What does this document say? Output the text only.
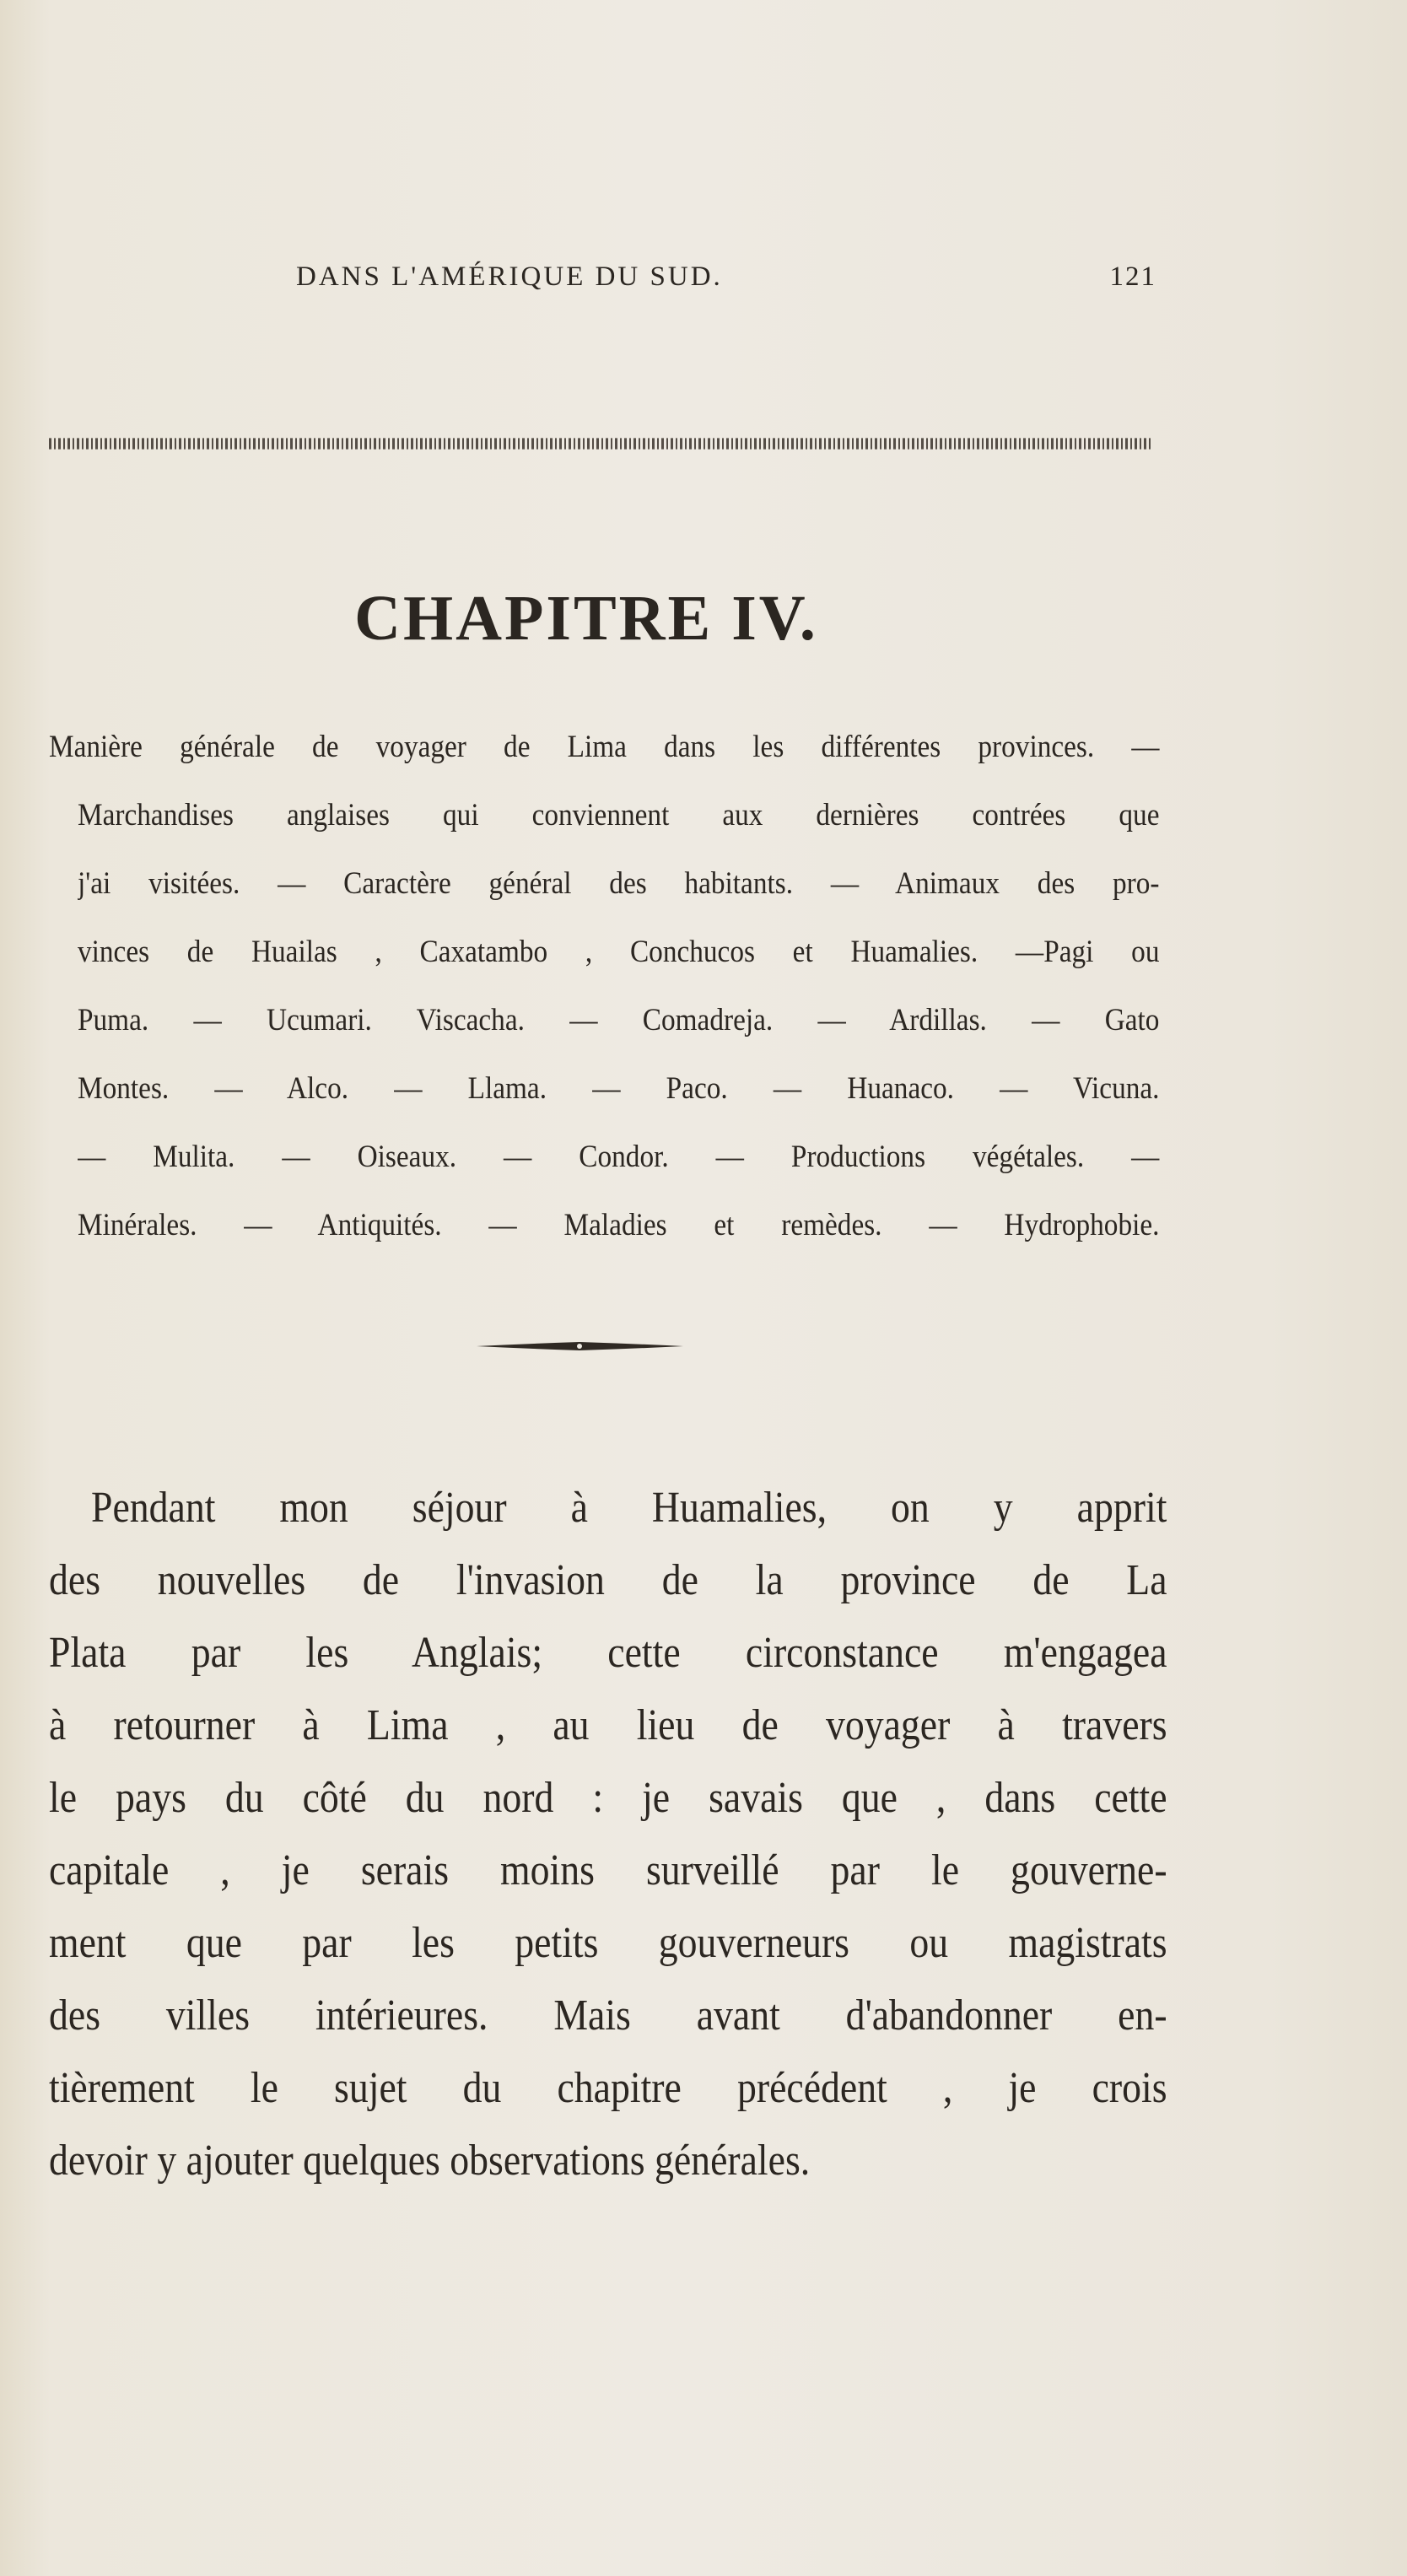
DANS L'AMÉRIQUE DU SUD.	121
CHAPITRE IV.
Manière générale de voyager de Lima dans les différentes provinces. —
Marchandises anglaises qui conviennent aux dernières contrées que
j'ai visitées. — Caractère général des habitants. — Animaux des pro-
vinces de Huailas , Caxatambo , Conchucos et Huamalies. —Pagi ou
Puma. — Ucumari. Viscacha. — Comadreja. — Ardillas. — Gato
Montes. — Alco. — Llama. — Paco. — Huanaco. — Vicuna.
— Mulita. — Oiseaux. — Condor. — Productions végétales. —
Minérales. — Antiquités. — Maladies et remèdes. — Hydrophobie.
Pendant mon séjour à Huamalies, on y apprit
des nouvelles de l'invasion de la province de La
Plata par les Anglais; cette circonstance m'engagea
à retourner à Lima , au lieu de voyager à travers
le pays du côté du nord : je savais que , dans cette
capitale , je serais moins surveillé par le gouverne-
ment que par les petits gouverneurs ou magistrats
des villes intérieures. Mais avant d'abandonner en-
tièrement le sujet du chapitre précédent , je crois
devoir y ajouter quelques observations générales.
